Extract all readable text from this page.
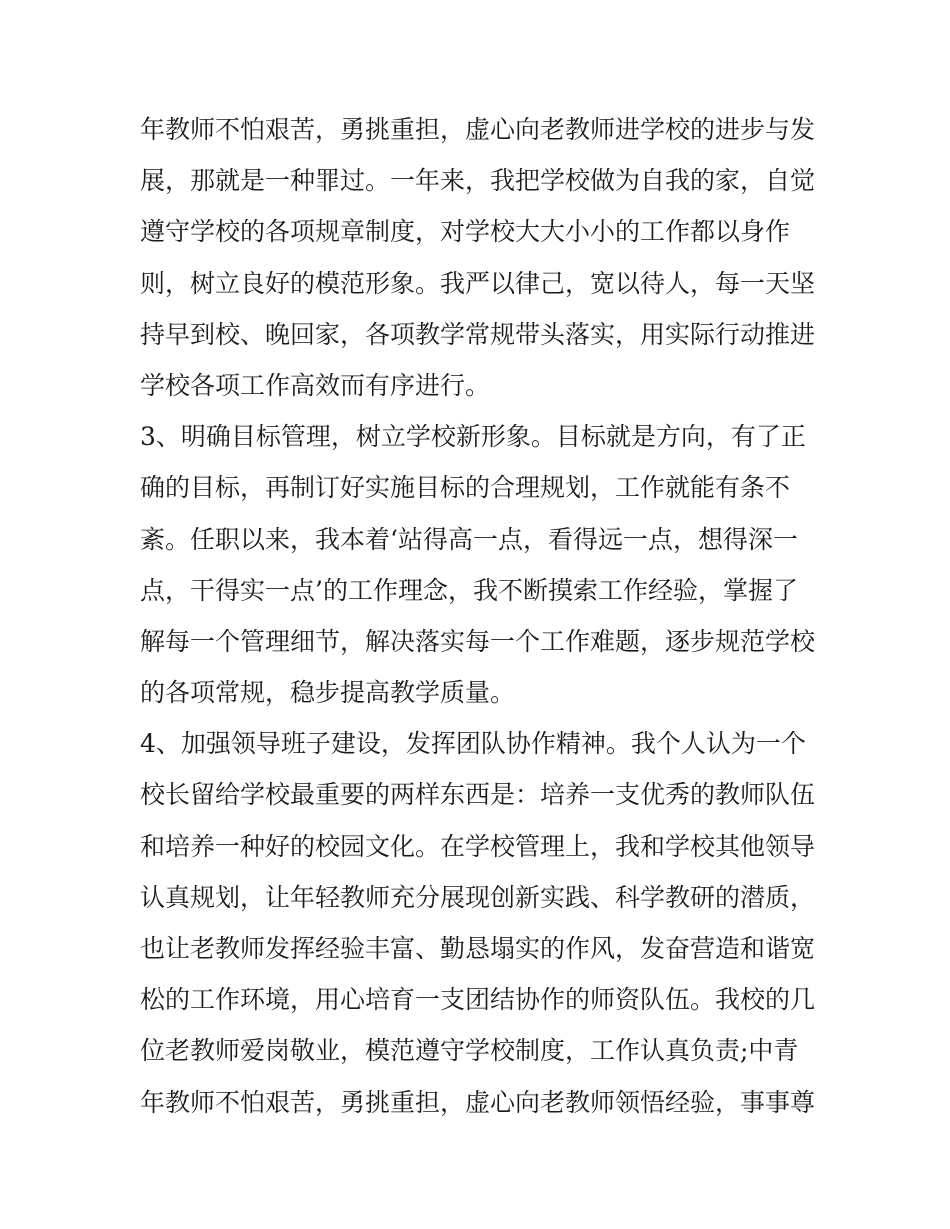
年教师不怕艰苦，勇挑重担，虚心向老教师进学校的进步与发
展，那就是一种罪过。一年来，我把学校做为自我的家，自觉
遵守学校的各项规章制度，对学校大大小小的工作都以身作
则，树立良好的模范形象。我严以律己，宽以待人，每一天坚
持早到校、晚回家，各项教学常规带头落实，用实际行动推进
学校各项工作高效而有序进行。
3、明确目标管理，树立学校新形象。目标就是方向，有了正
确的目标，再制订好实施目标的合理规划，工作就能有条不
紊。任职以来，我本着‘站得高一点，看得远一点，想得深一
点，干得实一点’的工作理念，我不断摸索工作经验，掌握了
解每一个管理细节，解决落实每一个工作难题，逐步规范学校
的各项常规，稳步提高教学质量。
4、加强领导班子建设，发挥团队协作精神。我个人认为一个
校长留给学校最重要的两样东西是：培养一支优秀的教师队伍
和培养一种好的校园文化。在学校管理上，我和学校其他领导
认真规划，让年轻教师充分展现创新实践、科学教研的潜质，
也让老教师发挥经验丰富、勤恳塌实的作风，发奋营造和谐宽
松的工作环境，用心培育一支团结协作的师资队伍。我校的几
位老教师爱岗敬业，模范遵守学校制度，工作认真负责;中青
年教师不怕艰苦，勇挑重担，虚心向老教师领悟经验，事事尊
